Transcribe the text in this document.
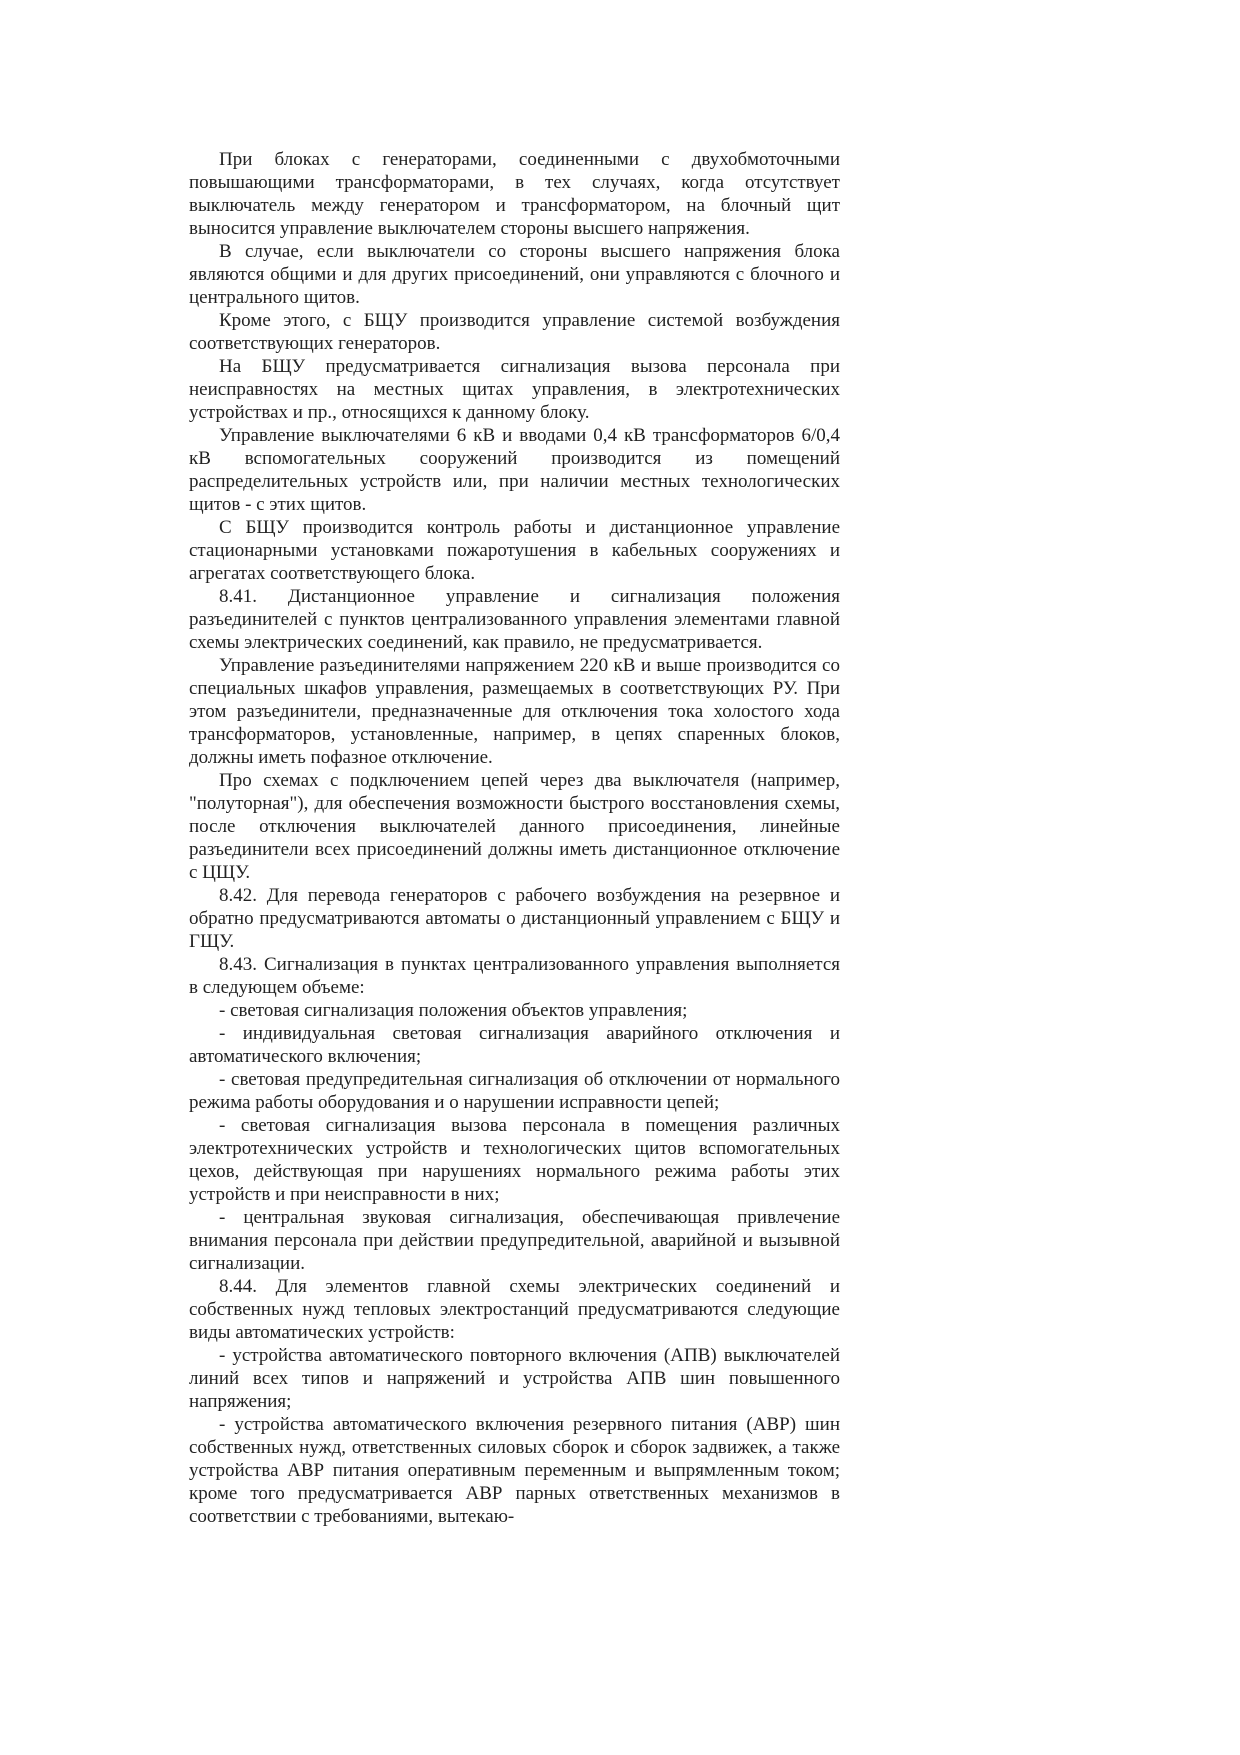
При блоках с генераторами, соединенными с двухобмоточными повышающими трансформаторами, в тех случаях, когда отсутствует выключатель между генератором и трансформатором, на блочный щит выносится управление выключателем стороны высшего напряжения.

В случае, если выключатели со стороны высшего напряжения блока являются общими и для других присоединений, они управляются с блочного и центрального щитов.

Кроме этого, с БЩУ производится управление системой возбуждения соответствующих генераторов.

На БЩУ предусматривается сигнализация вызова персонала при неисправностях на местных щитах управления, в электротехнических устройствах и пр., относящихся к данному блоку.

Управление выключателями 6 кВ и вводами 0,4 кВ трансформаторов 6/0,4 кВ вспомогательных сооружений производится из помещений распределительных устройств или, при наличии местных технологических щитов - с этих щитов.

С БЩУ производится контроль работы и дистанционное управление стационарными установками пожаротушения в кабельных сооружениях и агрегатах соответствующего блока.

8.41. Дистанционное управление и сигнализация положения разъединителей с пунктов централизованного управления элементами главной схемы электрических соединений, как правило, не предусматривается.

Управление разъединителями напряжением 220 кВ и выше производится со специальных шкафов управления, размещаемых в соответствующих РУ. При этом разъединители, предназначенные для отключения тока холостого хода трансформаторов, установленные, например, в цепях спаренных блоков, должны иметь пофазное отключение.

Про схемах с подключением цепей через два выключателя (например, "полуторная"), для обеспечения возможности быстрого восстановления схемы, после отключения выключателей данного присоединения, линейные разъединители всех присоединений должны иметь дистанционное отключение с ЦЩУ.

8.42. Для перевода генераторов с рабочего возбуждения на резервное и обратно предусматриваются автоматы о дистанционный управлением с БЩУ и ГЩУ.

8.43. Сигнализация в пунктах централизованного управления выполняется в следующем объеме:

- световая сигнализация положения объектов управления;

- индивидуальная световая сигнализация аварийного отключения и автоматического включения;

- световая предупредительная сигнализация об отключении от нормального режима работы оборудования и о нарушении исправности цепей;

- световая сигнализация вызова персонала в помещения различных электротехнических устройств и технологических щитов вспомогательных цехов, действующая при нарушениях нормального режима работы этих устройств и при неисправности в них;

- центральная звуковая сигнализация, обеспечивающая привлечение внимания персонала при действии предупредительной, аварийной и вызывной сигнализации.

8.44. Для элементов главной схемы электрических соединений и собственных нужд тепловых электростанций предусматриваются следующие виды автоматических устройств:

- устройства автоматического повторного включения (АПВ) выключателей линий всех типов и напряжений и устройства АПВ шин повышенного напряжения;

- устройства автоматического включения резервного питания (АВР) шин собственных нужд, ответственных силовых сборок и сборок задвижек, а также устройства АВР питания оперативным переменным и выпрямленным током; кроме того предусматривается АВР парных ответственных механизмов в соответствии с требованиями, вытекаю-
